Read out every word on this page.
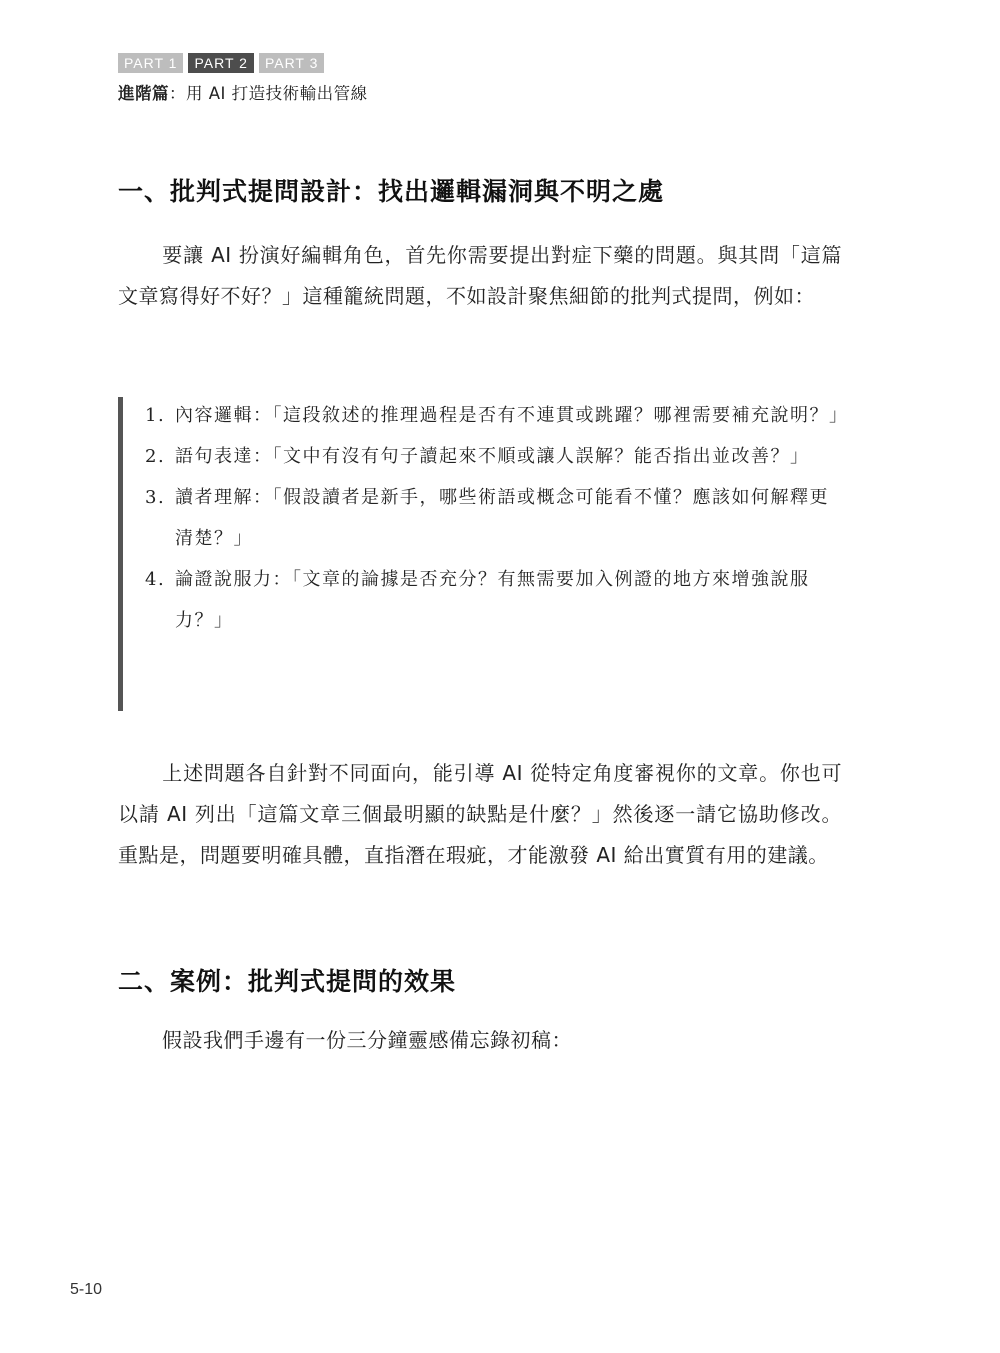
PART 1	PART 2	PART 3
進階篇：用 AI 打造技術輸出管線
一、批判式提問設計：找出邏輯漏洞與不明之處

要讓 AI 扮演好編輯角色，首先你需要提出對症下藥的問題。與其問「這篇文章寫得好不好？」這種籠統問題，不如設計聚焦細節的批判式提問，例如：

1. 內容邏輯：「這段敘述的推理過程是否有不連貫或跳躍？哪裡需要補充說明？」

2. 語句表達：「文中有沒有句子讀起來不順或讓人誤解？能否指出並改善？」

3. 讀者理解：「假設讀者是新手，哪些術語或概念可能看不懂？應該如何解釋更清楚？」

4. 論證說服力：「文章的論據是否充分？有無需要加入例證的地方來增強說服力？」

上述問題各自針對不同面向，能引導 AI 從特定角度審視你的文章。你也可以請 AI 列出「這篇文章三個最明顯的缺點是什麼？」然後逐一請它協助修改。重點是，問題要明確具體，直指潛在瑕疵，才能激發 AI 給出實質有用的建議。

二、案例：批判式提問的效果

假設我們手邊有一份三分鐘靈感備忘錄初稿：

5-10
